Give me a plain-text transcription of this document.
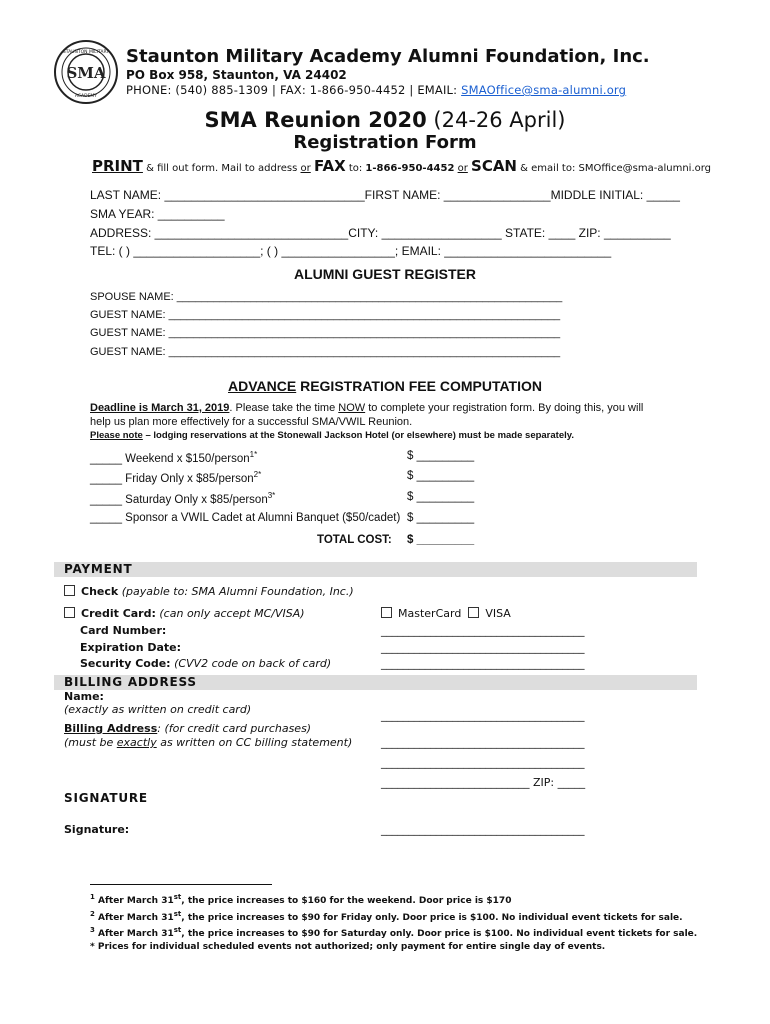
SMA
STAUNTON MILITARY
ACADEMY
Staunton Military Academy Alumni Foundation, Inc.
PO Box 958, Staunton, VA 24402
PHONE: (540) 885-1309 | FAX: 1-866-950-4452 | EMAIL: SMAOffice@sma-alumni.org
SMA Reunion 2020 (24-26 April)
Registration Form
PRINT & fill out form. Mail to address or FAX to: 1-866-950-4452 or SCAN & email to: SMOffice@sma-alumni.org
LAST NAME: ______________________________FIRST NAME: ________________MIDDLE INITIAL: _____
SMA YEAR: __________
ADDRESS: _____________________________CITY: __________________ STATE: ____ ZIP: __________
TEL: ( ) ___________________; ( ) _________________; EMAIL: _________________________
ALUMNI GUEST REGISTER
SPOUSE NAME: _______________________________________________________________
GUEST NAME: ________________________________________________________________
GUEST NAME: ________________________________________________________________
GUEST NAME: ________________________________________________________________
ADVANCE REGISTRATION FEE COMPUTATION
Deadline is March 31, 2019. Please take the time NOW to complete your registration form. By doing this, you will
help us plan more effectively for a successful SMA/VWIL Reunion.
Please note – lodging reservations at the Stonewall Jackson Hotel (or elsewhere) must be made separately.
_____ Weekend x $150/person$^{1*}$	$ _________
_____ Friday Only x $85/person$^{2*}$	$ _________
_____ Saturday Only x $85/person$^{3*}$	$ _________
_____ Sponsor a VWIL Cadet at Alumni Banquet ($50/cadet) $ _________
TOTAL COST: $ _________
PAYMENT
Check (payable to: SMA Alumni Foundation, Inc.)
Credit Card: (can only accept MC/VISA)	MasterCard VISA
Card Number:	_____________________________________
Expiration Date:	_____________________________________
Security Code: (CVV2 code on back of card)	_____________________________________
BILLING ADDRESS
Name:
(exactly as written on credit card)	_____________________________________
Billing Address: (for credit card purchases)
(must be exactly as written on CC billing statement)	_____________________________________
_____________________________________
___________________________ ZIP: _____
SIGNATURE
Signature:	_____________________________________
$^1$ After March 31st, the price increases to $160 for the weekend. Door price is $170
$^2$ After March 31st, the price increases to $90 for Friday only. Door price is $100. No individual event tickets for sale.
$^3$ After March 31st, the price increases to $90 for Saturday only. Door price is $100. No individual event tickets for sale.
* Prices for individual scheduled events not authorized; only payment for entire single day of events.
